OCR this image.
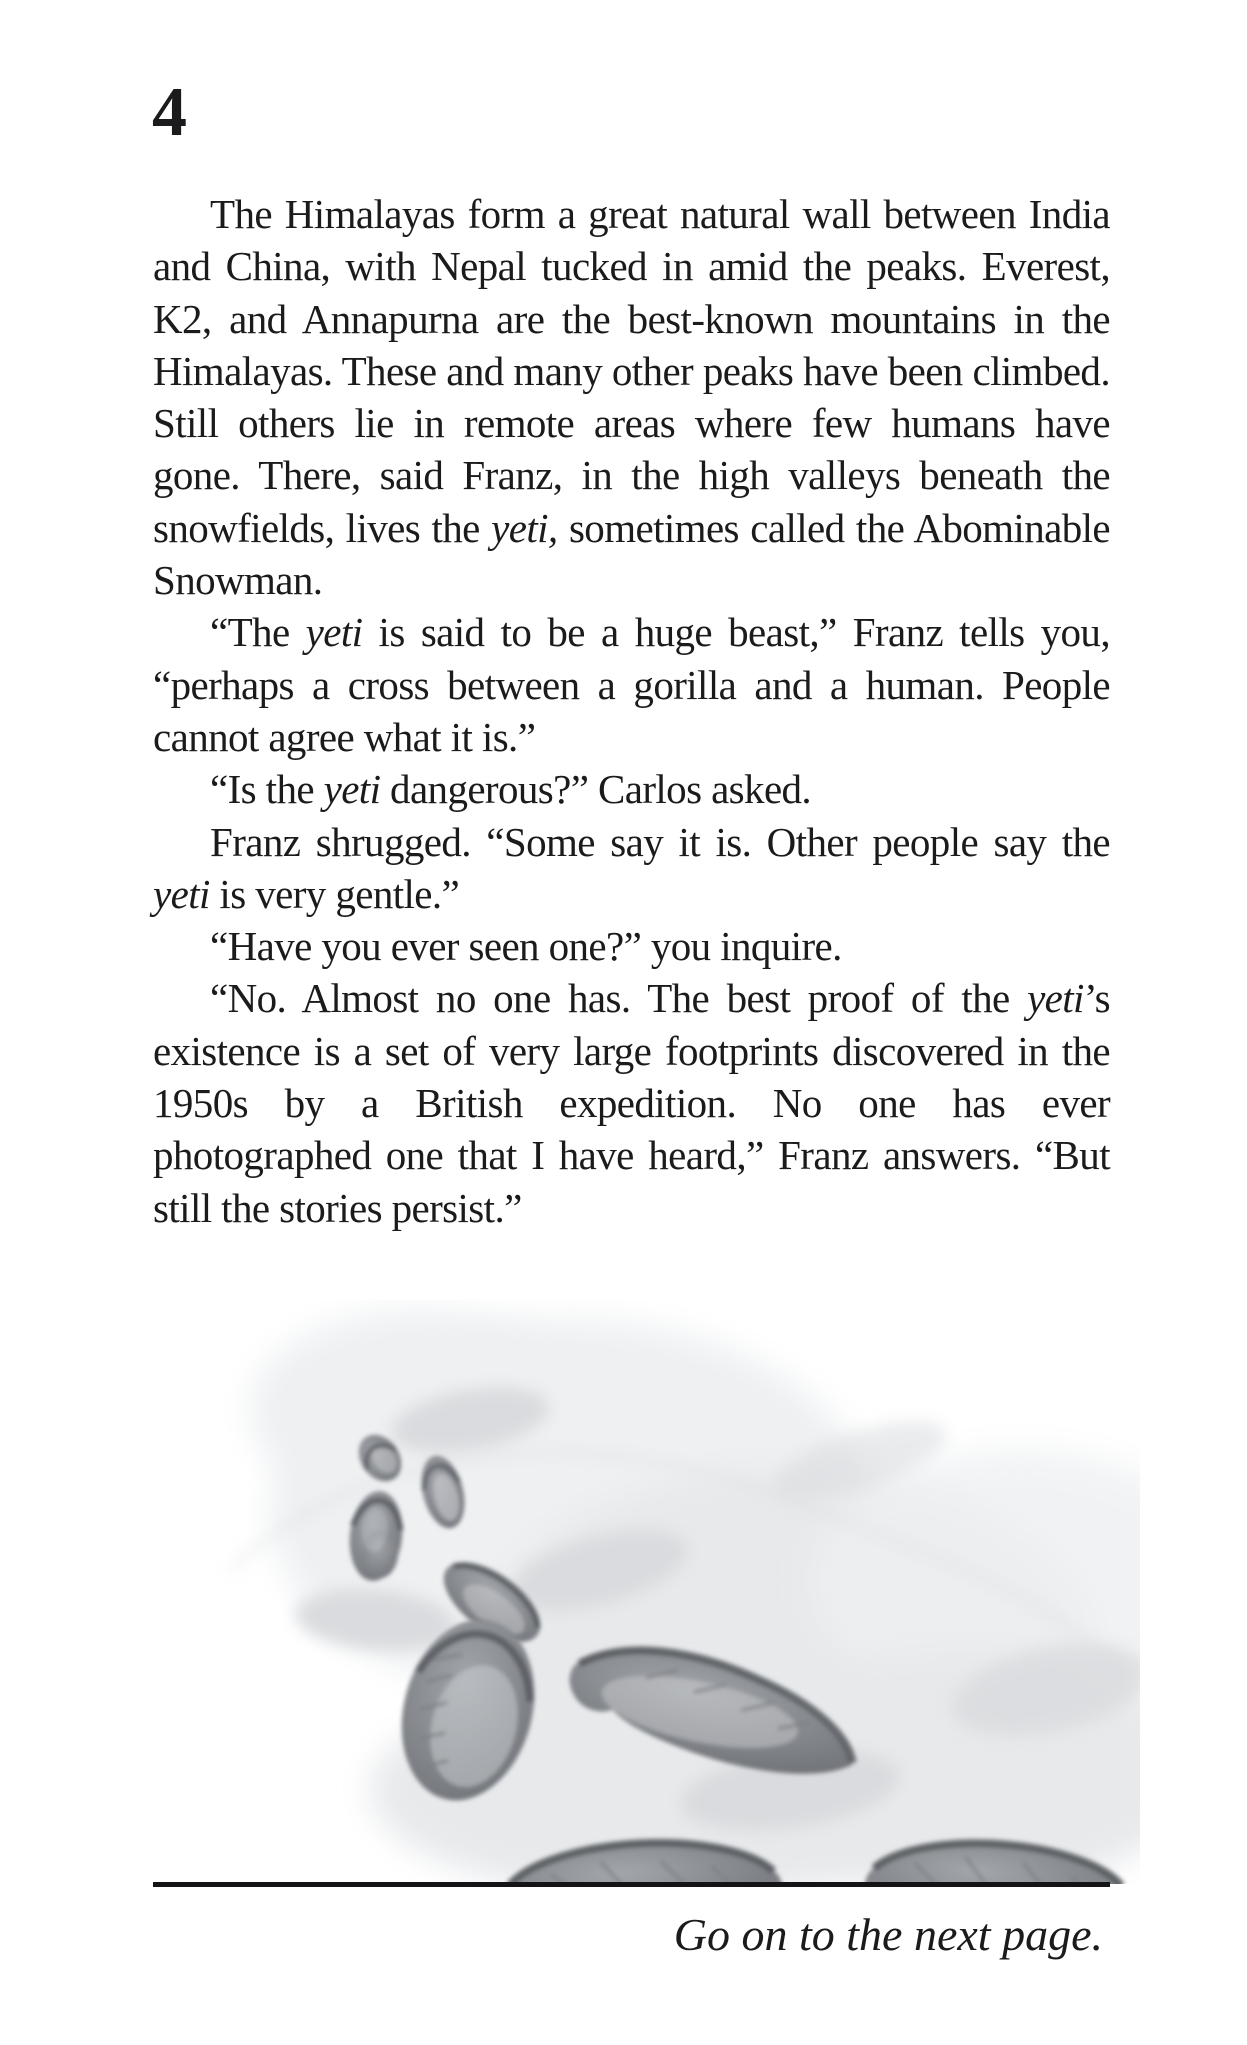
4

The Himalayas form a great natural wall between India and China, with Nepal tucked in amid the peaks. Everest, K2, and Annapurna are the best-known mountains in the Himalayas. These and many other peaks have been climbed. Still others lie in remote areas where few humans have gone. There, said Franz, in the high valleys beneath the snowfields, lives the yeti, sometimes called the Abominable Snowman.

“The yeti is said to be a huge beast,” Franz tells you, “perhaps a cross between a gorilla and a human. People cannot agree what it is.”

“Is the yeti dangerous?” Carlos asked.

Franz shrugged. “Some say it is. Other people say the yeti is very gentle.”

“Have you ever seen one?” you inquire.

“No. Almost no one has. The best proof of the yeti’s existence is a set of very large footprints discovered in the 1950s by a British expedition. No one has ever photographed one that I have heard,” Franz answers. “But still the stories persist.”

Go on to the next page.
